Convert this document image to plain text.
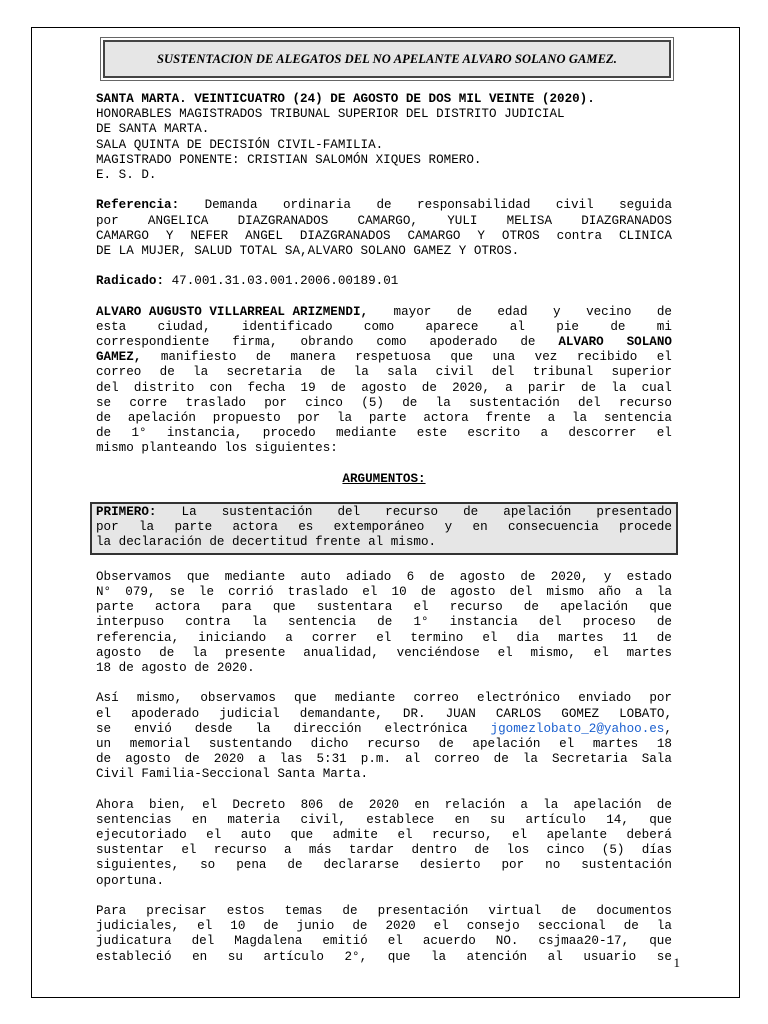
SUSTENTACION DE ALEGATOS DEL NO APELANTE ALVARO SOLANO GAMEZ.
SANTA MARTA. VEINTICUATRO (24) DE AGOSTO DE DOS MIL VEINTE (2020).
HONORABLES MAGISTRADOS TRIBUNAL SUPERIOR DEL DISTRITO JUDICIAL
DE SANTA MARTA.
SALA QUINTA DE DECISIÓN CIVIL-FAMILIA.
MAGISTRADO PONENTE: CRISTIAN SALOMÓN XIQUES ROMERO.
E. S. D.
Referencia: Demanda ordinaria de responsabilidad civil seguida
por ANGELICA DIAZGRANADOS CAMARGO, YULI MELISA DIAZGRANADOS
CAMARGO Y NEFER ANGEL DIAZGRANADOS CAMARGO Y OTROS contra CLINICA
DE LA MUJER, SALUD TOTAL SA,ALVARO SOLANO GAMEZ Y OTROS.
Radicado: 47.001.31.03.001.2006.00189.01
ALVARO AUGUSTO VILLARREAL ARIZMENDI, mayor de edad y vecino de
esta ciudad, identificado como aparece al pie de mi
correspondiente firma, obrando como apoderado de ALVARO SOLANO
GAMEZ, manifiesto de manera respetuosa que una vez recibido el
correo de la secretaria de la sala civil del tribunal superior
del distrito con fecha 19 de agosto de 2020, a parir de la cual
se corre traslado por cinco (5) de la sustentación del recurso
de apelación propuesto por la parte actora frente a la sentencia
de 1° instancia, procedo mediante este escrito a descorrer el
mismo planteando los siguientes:
ARGUMENTOS:
PRIMERO: La sustentación del recurso de apelación presentado
por la parte actora es extemporáneo y en consecuencia procede
la declaración de decertitud frente al mismo.
Observamos que mediante auto adiado 6 de agosto de 2020, y estado
N° 079, se le corrió traslado el 10 de agosto del mismo año a la
parte actora para que sustentara el recurso de apelación que
interpuso contra la sentencia de 1° instancia del proceso de
referencia, iniciando a correr el termino el dia martes 11 de
agosto de la presente anualidad, venciéndose el mismo, el martes
18 de agosto de 2020.
Así mismo, observamos que mediante correo electrónico enviado por
el apoderado judicial demandante, DR. JUAN CARLOS GOMEZ LOBATO,
se envió desde la dirección electrónica jgomezlobato_2@yahoo.es,
un memorial sustentando dicho recurso de apelación el martes 18
de agosto de 2020 a las 5:31 p.m. al correo de la Secretaria Sala
Civil Familia-Seccional Santa Marta.
Ahora bien, el Decreto 806 de 2020 en relación a la apelación de
sentencias en materia civil, establece en su artículo 14, que
ejecutoriado el auto que admite el recurso, el apelante deberá
sustentar el recurso a más tardar dentro de los cinco (5) días
siguientes, so pena de declararse desierto por no sustentación
oportuna.
Para precisar estos temas de presentación virtual de documentos
judiciales, el 10 de junio de 2020 el consejo seccional de la
judicatura del Magdalena emitió el acuerdo NO. csjmaa20-17, que
estableció en su artículo 2°, que la atención al usuario se 1
